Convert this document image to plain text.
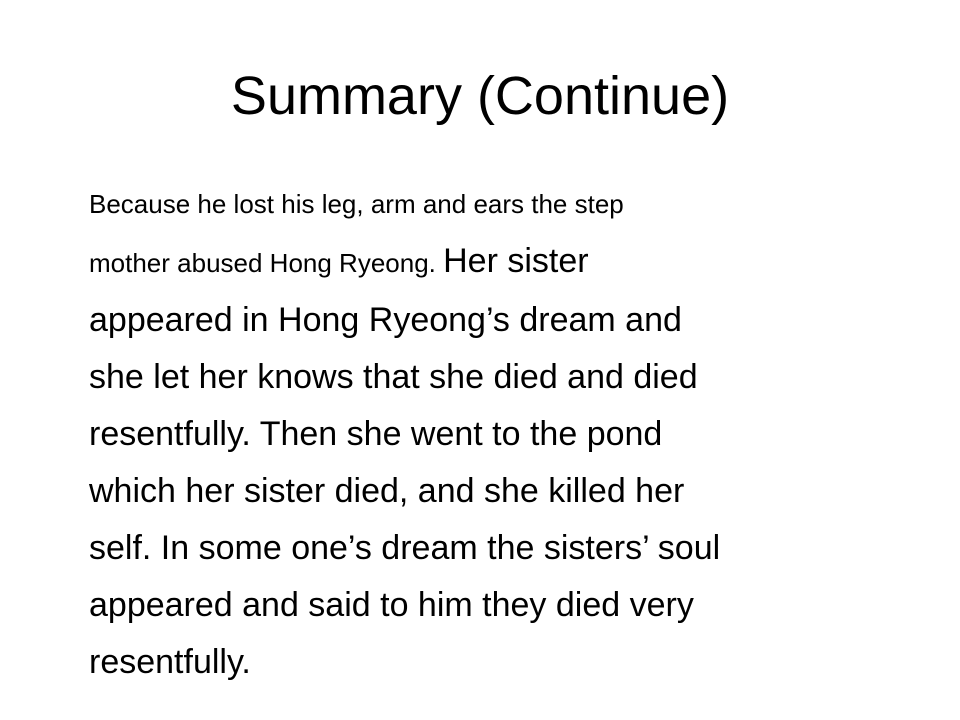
Summary (Continue)
Because he lost his leg, arm and ears the step
mother abused Hong Ryeong. Her sister
appeared in Hong Ryeong’s dream and
she let her knows that she died and died
resentfully. Then she went to the pond
which her sister died, and she killed her
self. In some one’s dream the sisters’ soul
appeared and said to him they died very
resentfully.
